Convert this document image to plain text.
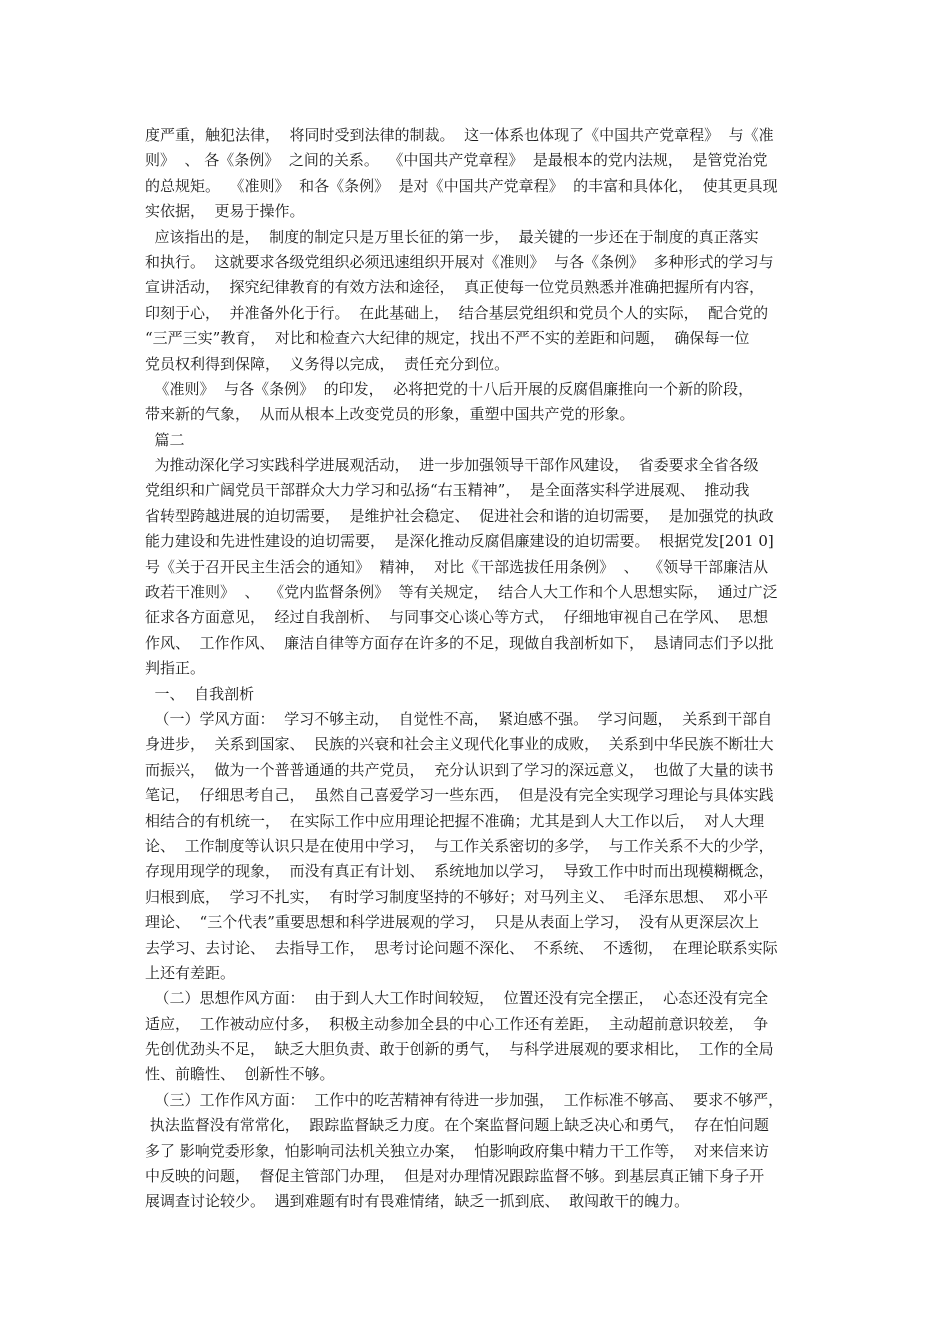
度严重，触犯法律，  将同时受到法律的制裁。  这一体系也体现了《中国共产党章程》  与《准
则》  、 各《条例》  之间的关系。  《中国共产党章程》  是最根本的党内法规，  是管党治党
的总规矩。  《准则》  和各《条例》  是对《中国共产党章程》  的丰富和具体化，  使其更具现
实依据，  更易于操作。
应该指出的是，  制度的制定只是万里长征的第一步，  最关键的一步还在于制度的真正落实
和执行。  这就要求各级党组织必须迅速组织开展对《准则》  与各《条例》  多种形式的学习与
宣讲活动，  探究纪律教育的有效方法和途径，  真正使每一位党员熟悉并准确把握所有内容，
印刻于心，  并准备外化于行。  在此基础上，  结合基层党组织和党员个人的实际，  配合党的
“三严三实”教育，  对比和检查六大纪律的规定，找出不严不实的差距和问题，  确保每一位
党员权利得到保障，  义务得以完成，  责任充分到位。
《准则》  与各《条例》  的印发，  必将把党的十八后开展的反腐倡廉推向一个新的阶段，
带来新的气象，  从而从根本上改变党员的形象，重塑中国共产党的形象。
篇二
为推动深化学习实践科学进展观活动，  进一步加强领导干部作风建设，  省委要求全省各级
党组织和广阔党员干部群众大力学习和弘扬“右玉精神”，  是全面落实科学进展观、  推动我
省转型跨越进展的迫切需要，  是维护社会稳定、  促进社会和谐的迫切需要，  是加强党的执政
能力建设和先进性建设的迫切需要，  是深化推动反腐倡廉建设的迫切需要。  根据党发[201 0]
号《关于召开民主生活会的通知》  精神，  对比《干部选拔任用条例》  、  《领导干部廉洁从
政若干准则》  、  《党内监督条例》  等有关规定，  结合人大工作和个人思想实际，  通过广泛
征求各方面意见，  经过自我剖析、  与同事交心谈心等方式，  仔细地审视自己在学风、  思想
作风、  工作作风、  廉洁自律等方面存在许多的不足，现做自我剖析如下，  恳请同志们予以批
判指正。
一、  自我剖析
（一）学风方面：  学习不够主动，  自觉性不高，  紧迫感不强。  学习问题，  关系到干部自
身进步，  关系到国家、  民族的兴衰和社会主义现代化事业的成败，  关系到中华民族不断壮大
而振兴，  做为一个普普通通的共产党员，  充分认识到了学习的深远意义，  也做了大量的读书
笔记，  仔细思考自己，  虽然自己喜爱学习一些东西，  但是没有完全实现学习理论与具体实践
相结合的有机统一，  在实际工作中应用理论把握不准确；尤其是到人大工作以后，  对人大理
论、  工作制度等认识只是在使用中学习，  与工作关系密切的多学，  与工作关系不大的少学，
存现用现学的现象，  而没有真正有计划、  系统地加以学习，  导致工作中时而出现模糊概念，
归根到底，  学习不扎实，  有时学习制度坚持的不够好；对马列主义、  毛泽东思想、  邓小平
理论、  “三个代表”重要思想和科学进展观的学习，  只是从表面上学习，  没有从更深层次上
去学习、去讨论、  去指导工作，  思考讨论问题不深化、  不系统、  不透彻，  在理论联系实际
上还有差距。
（二）思想作风方面：  由于到人大工作时间较短，  位置还没有完全摆正，  心态还没有完全
适应，  工作被动应付多，  积极主动参加全县的中心工作还有差距，  主动超前意识较差，  争
先创优劲头不足，  缺乏大胆负责、敢于创新的勇气，  与科学进展观的要求相比，  工作的全局
性、前瞻性、  创新性不够。
（三）工作作风方面：  工作中的吃苦精神有待进一步加强，  工作标准不够高、  要求不够严，
执法监督没有常常化，  跟踪监督缺乏力度。在个案监督问题上缺乏决心和勇气，  存在怕问题
多了 影响党委形象，怕影响司法机关独立办案，  怕影响政府集中精力干工作等，  对来信来访
中反映的问题，  督促主管部门办理，  但是对办理情况跟踪监督不够。到基层真正铺下身子开
展调查讨论较少。  遇到难题有时有畏难情绪，缺乏一抓到底、  敢闯敢干的魄力。
